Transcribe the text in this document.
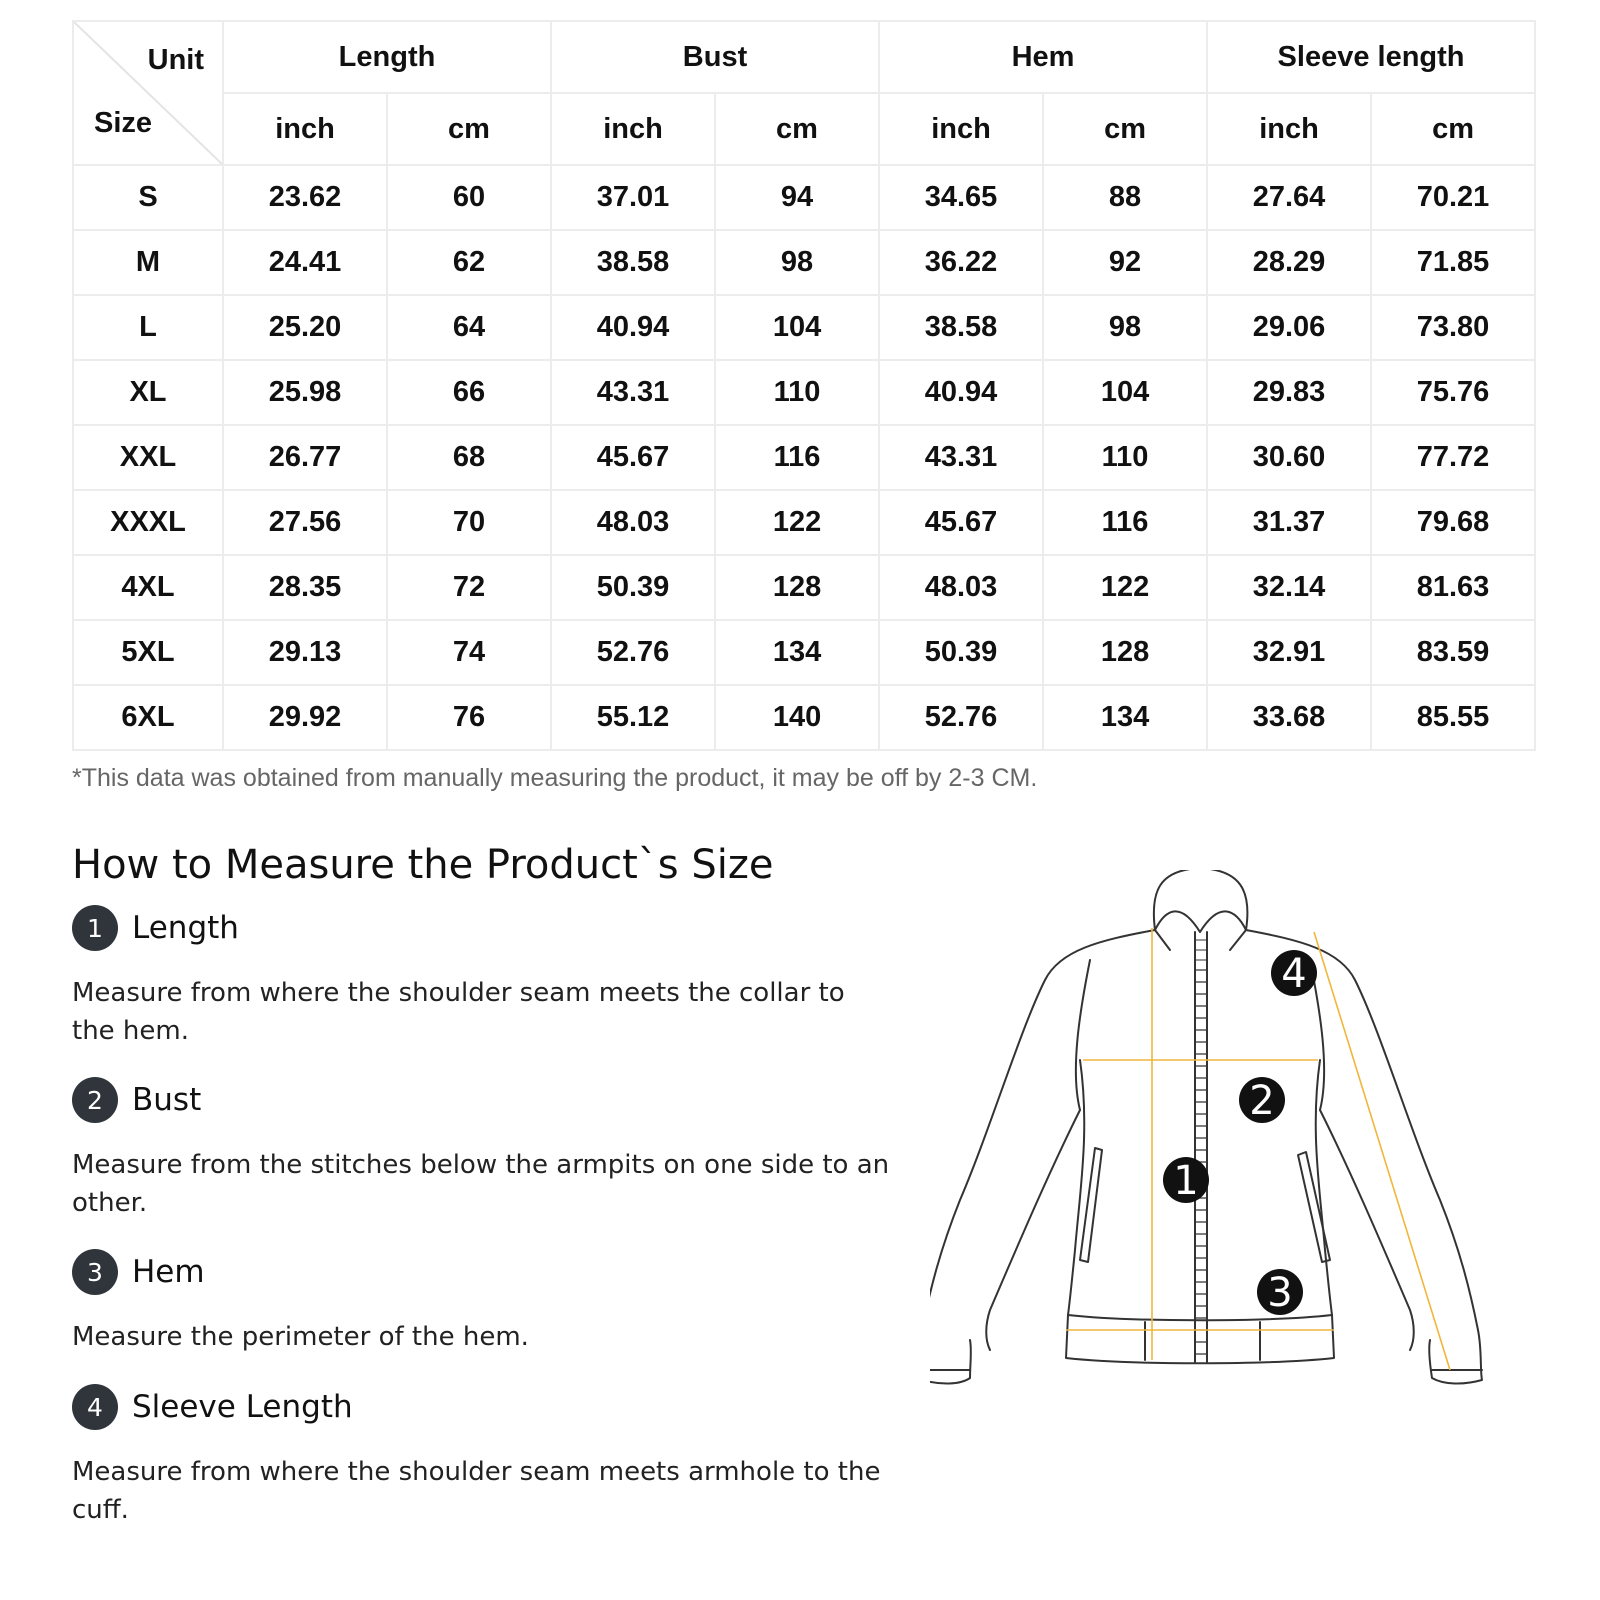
Unit
Size	Length		Bust		Hem		Sleeve length	
	inch	cm	inch	cm	inch	cm	inch	cm
S	23.62	60	37.01	94	34.65	88	27.64	70.21
M	24.41	62	38.58	98	36.22	92	28.29	71.85
L	25.20	64	40.94	104	38.58	98	29.06	73.80
XL	25.98	66	43.31	110	40.94	104	29.83	75.76
XXL	26.77	68	45.67	116	43.31	110	30.60	77.72
XXXL	27.56	70	48.03	122	45.67	116	31.37	79.68
4XL	28.35	72	50.39	128	48.03	122	32.14	81.63
5XL	29.13	74	52.76	134	50.39	128	32.91	83.59
6XL	29.92	76	55.12	140	52.76	134	33.68	85.55
*This data was obtained from manually measuring the product, it may be off by 2-3 CM.
How to Measure the Product`s Size
1 Length
Measure from where the shoulder seam meets the collar to the hem.
2 Bust
Measure from the stitches below the armpits on one side to an other.
3 Hem
Measure the perimeter of the hem.
4 Sleeve Length
Measure from where the shoulder seam meets armhole to the cuff.
1
2
3
4
